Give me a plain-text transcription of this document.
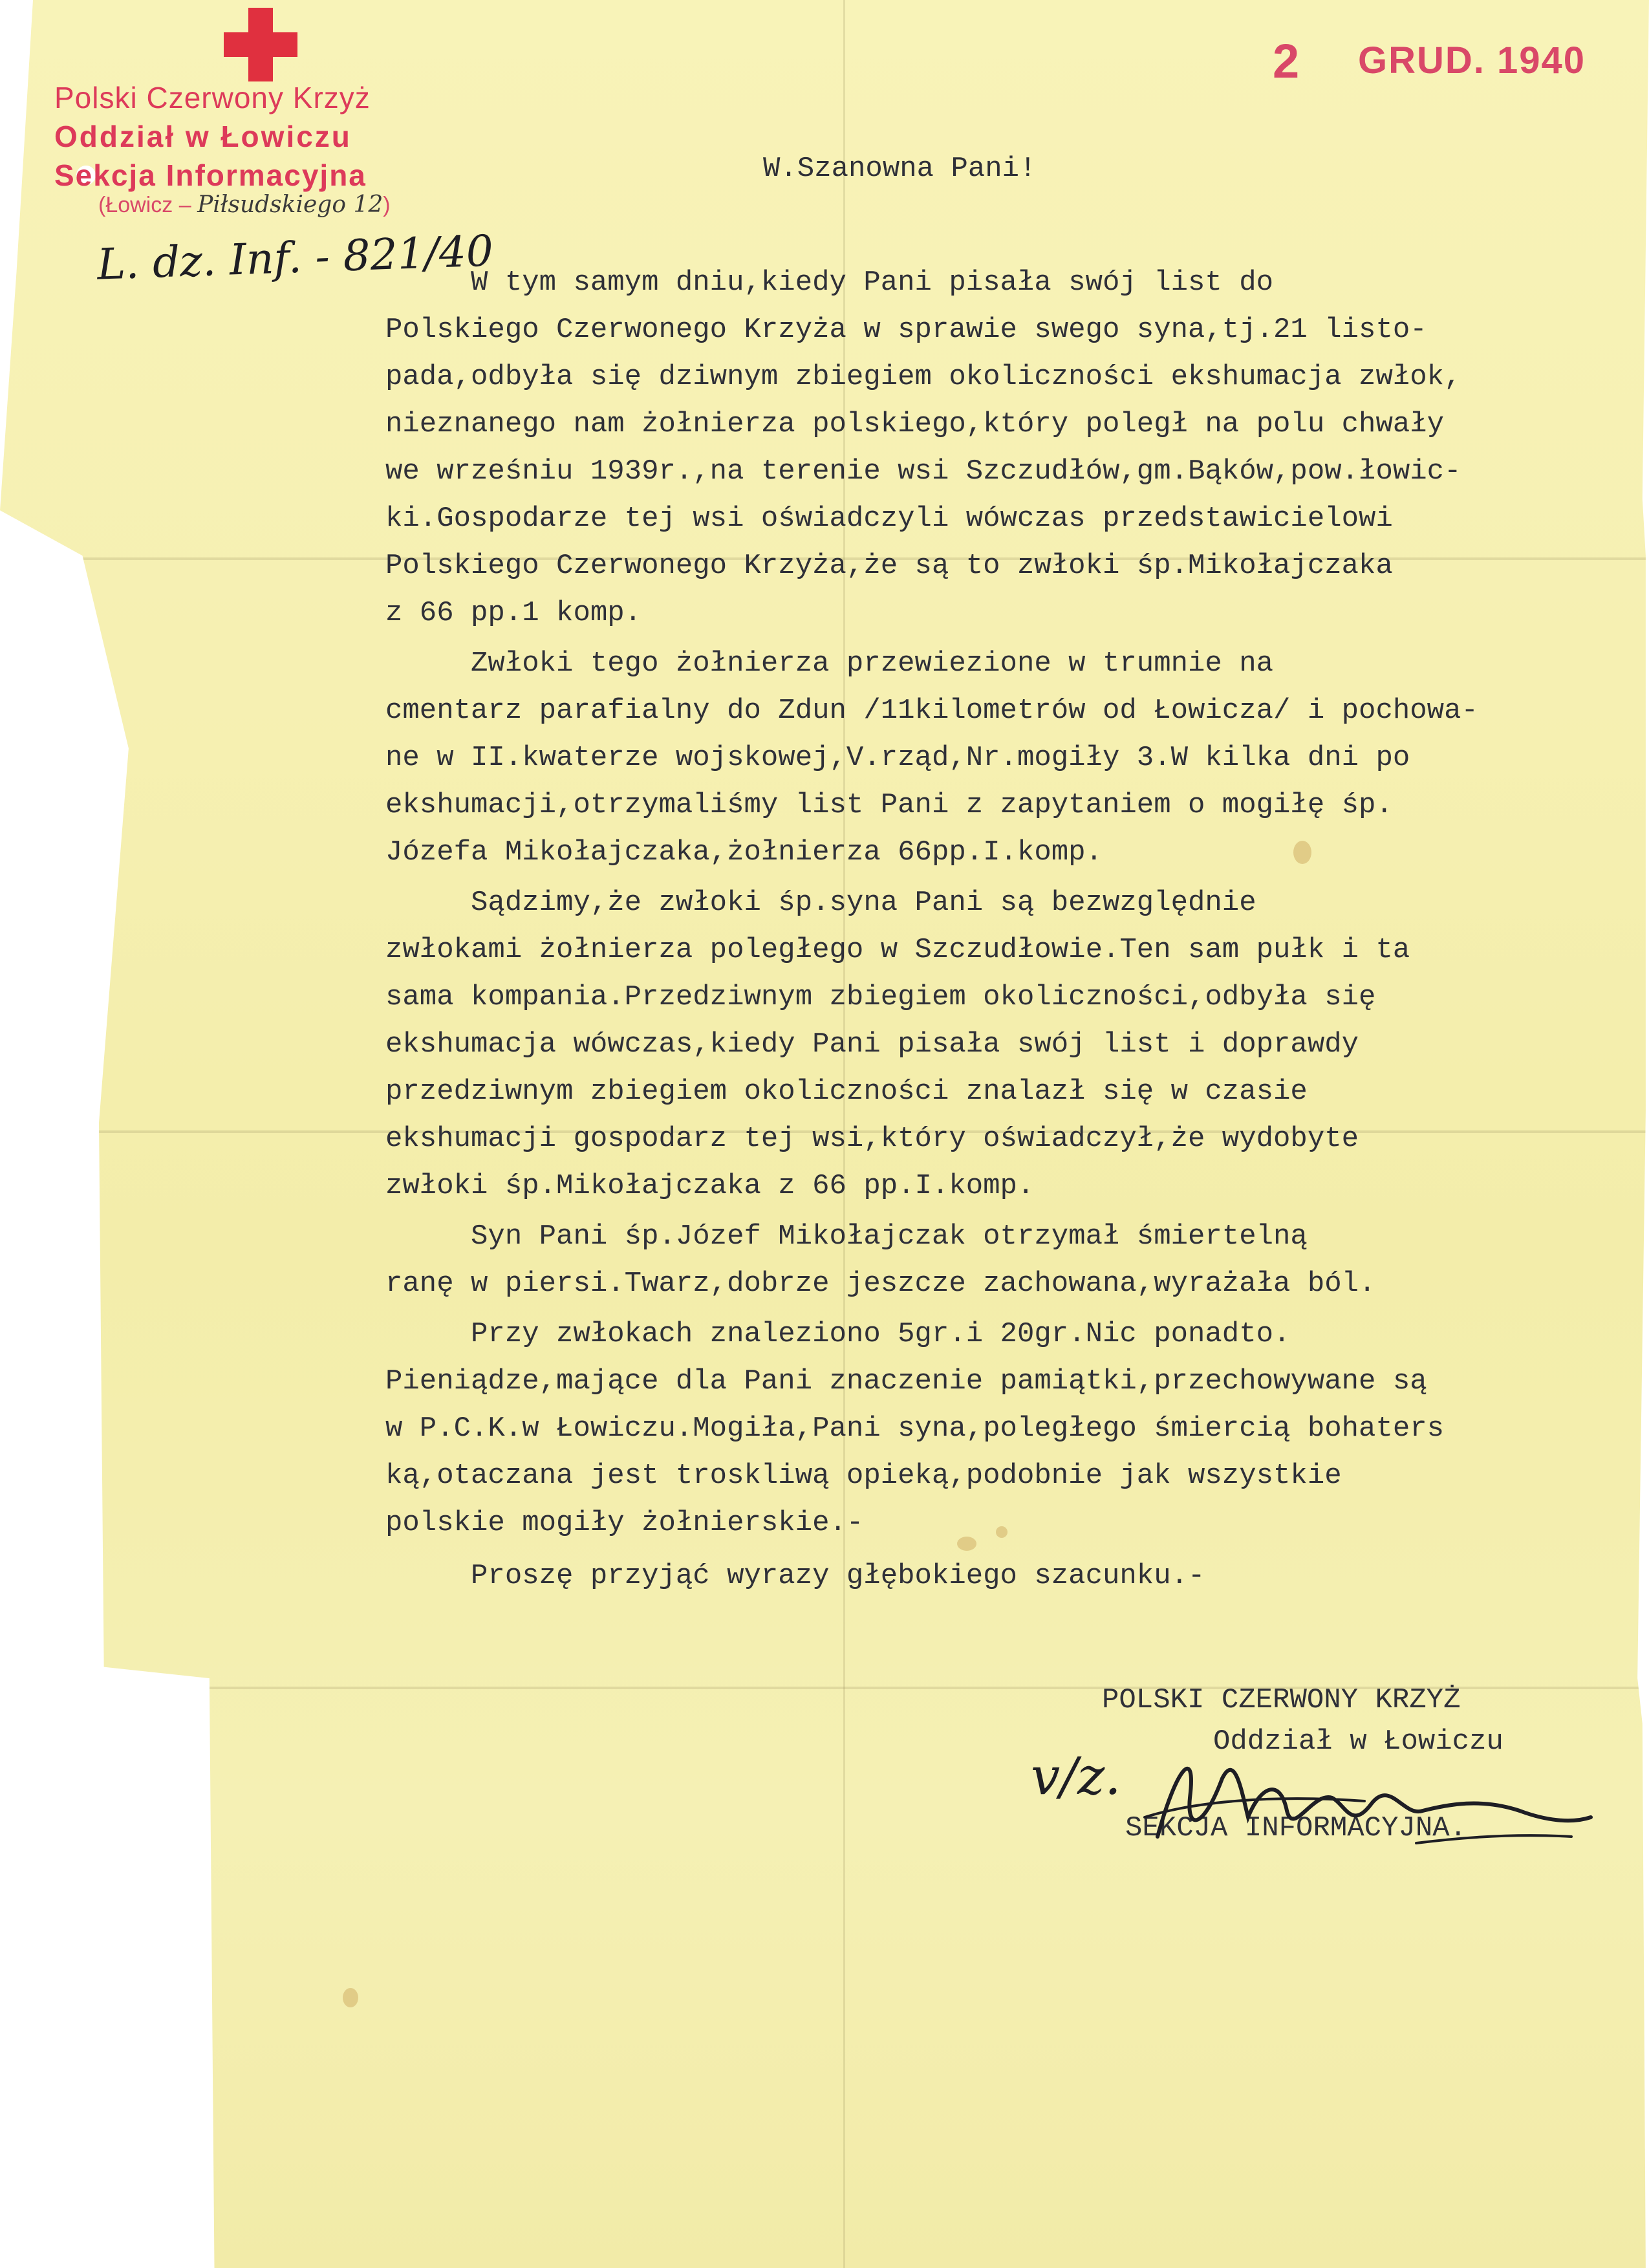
Polski Czerwony Krzyż
Oddział w Łowiczu
Sekcja Informacyjna
(Łowicz – Piłsudskiego 12)
L. dz. Inf. - 821/40
2 GRUD. 1940
W.Szanowna Pani!
W tym samym dniu,kiedy Pani pisała swój list do
Polskiego Czerwonego Krzyża w sprawie swego syna,tj.21 listo-
pada,odbyła się dziwnym zbiegiem okoliczności ekshumacja zwłok,
nieznanego nam żołnierza polskiego,który poległ na polu chwały
we wrześniu 1939r.,na terenie wsi Szczudłów,gm.Bąków,pow.łowic-
ki.Gospodarze tej wsi oświadczyli wówczas przedstawicielowi
Polskiego Czerwonego Krzyża,że są to zwłoki śp.Mikołajczaka
z 66 pp.1 komp.
Zwłoki tego żołnierza przewiezione w trumnie na
cmentarz parafialny do Zdun /11kilometrów od Łowicza/ i pochowa-
ne w II.kwaterze wojskowej,V.rząd,Nr.mogiły 3.W kilka dni po
ekshumacji,otrzymaliśmy list Pani z zapytaniem o mogiłę śp.
Józefa Mikołajczaka,żołnierza 66pp.I.komp.
Sądzimy,że zwłoki śp.syna Pani są bezwzględnie
zwłokami żołnierza poległego w Szczudłowie.Ten sam pułk i ta
sama kompania.Przedziwnym zbiegiem okoliczności,odbyła się
ekshumacja wówczas,kiedy Pani pisała swój list i doprawdy
przedziwnym zbiegiem okoliczności znalazł się w czasie
ekshumacji gospodarz tej wsi,który oświadczył,że wydobyte
zwłoki śp.Mikołajczaka z 66 pp.I.komp.
Syn Pani śp.Józef Mikołajczak otrzymał śmiertelną
ranę w piersi.Twarz,dobrze jeszcze zachowana,wyrażała ból.
Przy zwłokach znaleziono 5gr.i 20gr.Nic ponadto.
Pieniądze,mające dla Pani znaczenie pamiątki,przechowywane są
w P.C.K.w Łowiczu.Mogiła,Pani syna,poległego śmiercią bohaters
ką,otaczana jest troskliwą opieką,podobnie jak wszystkie
polskie mogiły żołnierskie.-
Proszę przyjąć wyrazy głębokiego szacunku.-
POLSKI CZERWONY KRZYŻ
Oddział w Łowiczu
SEKCJA INFORMACYJNA.
v/z.
